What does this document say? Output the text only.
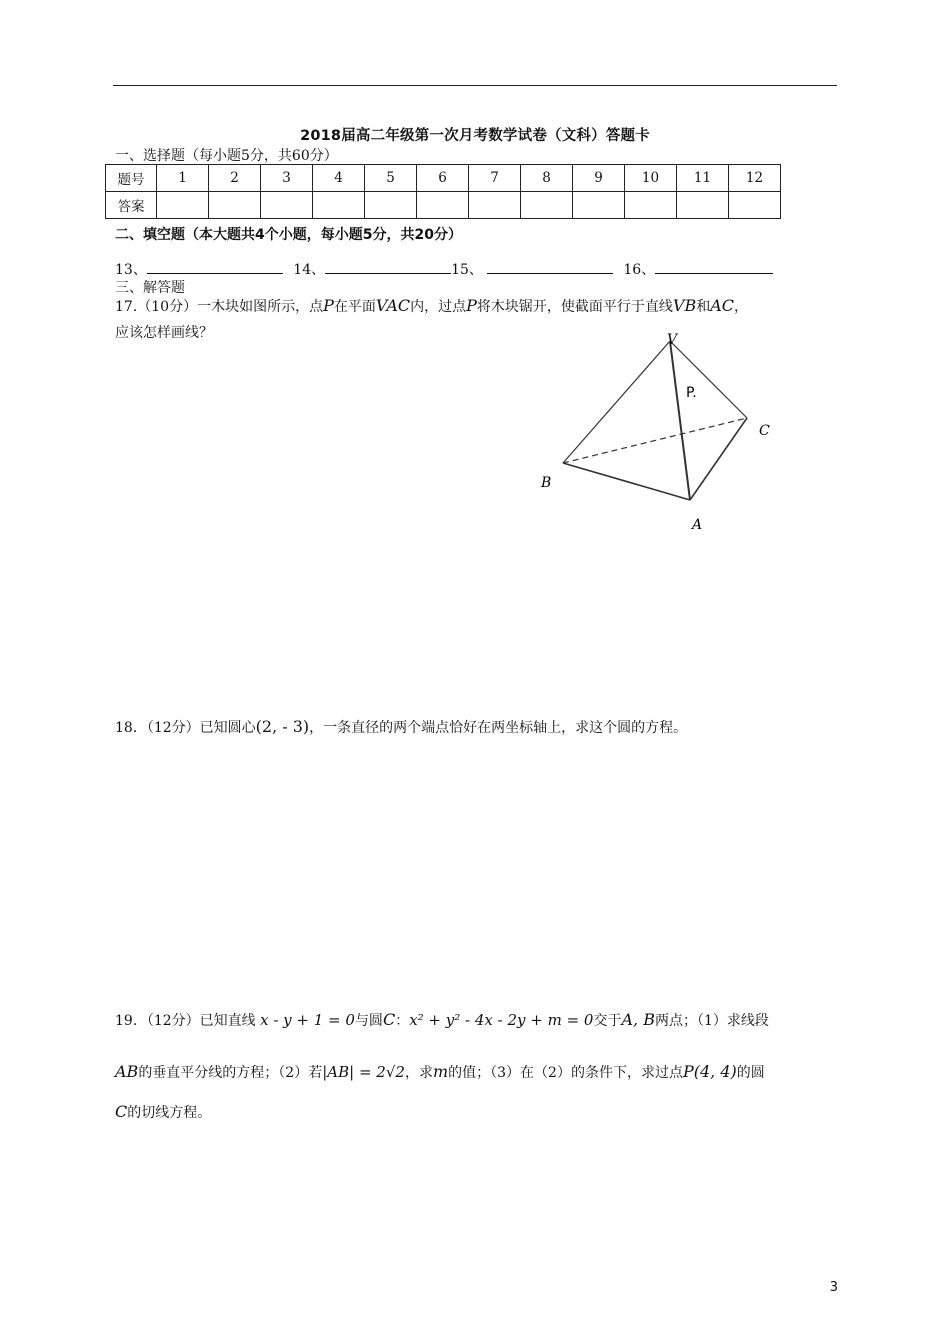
2018届高二年级第一次月考数学试卷（文科）答题卡
一、选择题（每小题5分，共60分）
题号	1	2	3	4	5	6	7	8	9	10	11	12
答案												
二、填空题（本大题共4个小题，每小题5分，共20分）
13、	14、	15、	16、
三、解答题
17.（10分）一木块如图所示，点P在平面VAC内，过点P将木块锯开，使截面平行于直线VB和AC，
应该怎样画线？	V
P.
C
B
A
18．（12分）已知圆心(2, - 3)，一条直径的两个端点恰好在两坐标轴上，求这个圆的方程。
19．（12分）已知直线 x - y + 1 = 0与圆C：x² + y² - 4x - 2y + m = 0交于A, B两点；（1）求线段
AB的垂直平分线的方程；（2）若|AB| = 2√2，求m的值；（3）在（2）的条件下，求过点P(4, 4)的圆
C的切线方程。
3
